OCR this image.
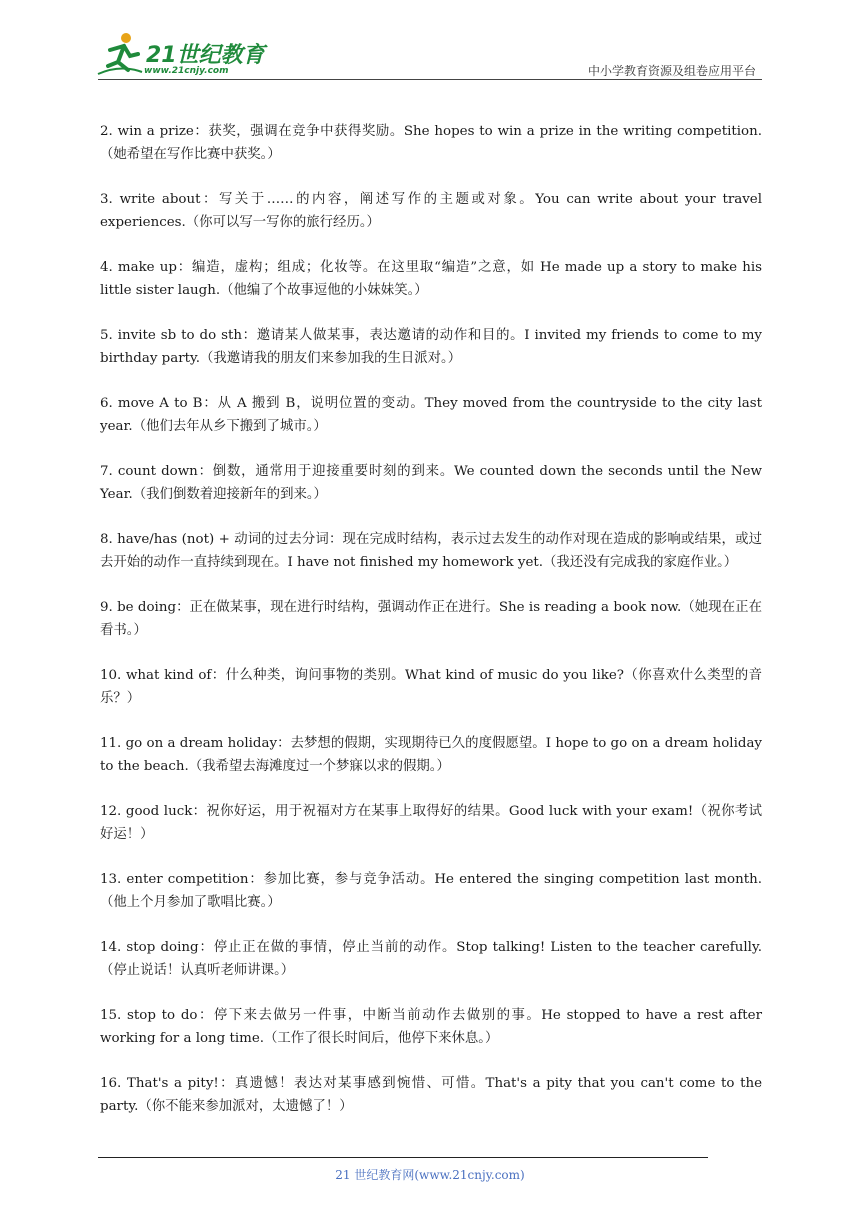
21世纪教育
www.21cnjy.com	中小学教育资源及组卷应用平台

2. win a prize：获奖，强调在竞争中获得奖励。She hopes to win a prize in the writing competition.（她希望在写作比赛中获奖。）

3. write about：写关于……的内容，阐述写作的主题或对象。You can write about your travel experiences.（你可以写一写你的旅行经历。）

4. make up：编造，虚构；组成；化妆等。在这里取“编造”之意，如 He made up a story to make his little sister laugh.（他编了个故事逗他的小妹妹笑。）

5. invite sb to do sth：邀请某人做某事，表达邀请的动作和目的。I invited my friends to come to my birthday party.（我邀请我的朋友们来参加我的生日派对。）

6. move A to B：从 A 搬到 B，说明位置的变动。They moved from the countryside to the city last year.（他们去年从乡下搬到了城市。）

7. count down：倒数，通常用于迎接重要时刻的到来。We counted down the seconds until the New Year.（我们倒数着迎接新年的到来。）

8. have/has (not) + 动词的过去分词：现在完成时结构，表示过去发生的动作对现在造成的影响或结果，或过去开始的动作一直持续到现在。I have not finished my homework yet.（我还没有完成我的家庭作业。）

9. be doing：正在做某事，现在进行时结构，强调动作正在进行。She is reading a book now.（她现在正在看书。）

10. what kind of：什么种类，询问事物的类别。What kind of music do you like?（你喜欢什么类型的音乐？）

11. go on a dream holiday：去梦想的假期，实现期待已久的度假愿望。I hope to go on a dream holiday to the beach.（我希望去海滩度过一个梦寐以求的假期。）

12. good luck：祝你好运，用于祝福对方在某事上取得好的结果。Good luck with your exam!（祝你考试好运！）

13. enter competition：参加比赛，参与竞争活动。He entered the singing competition last month.（他上个月参加了歌唱比赛。）

14. stop doing：停止正在做的事情，停止当前的动作。Stop talking! Listen to the teacher carefully.（停止说话！认真听老师讲课。）

15. stop to do：停下来去做另一件事，中断当前动作去做别的事。He stopped to have a rest after working for a long time.（工作了很长时间后，他停下来休息。）

16. That's a pity!：真遗憾！表达对某事感到惋惜、可惜。That's a pity that you can't come to the party.（你不能来参加派对，太遗憾了！）

21 世纪教育网(www.21cnjy.com)
